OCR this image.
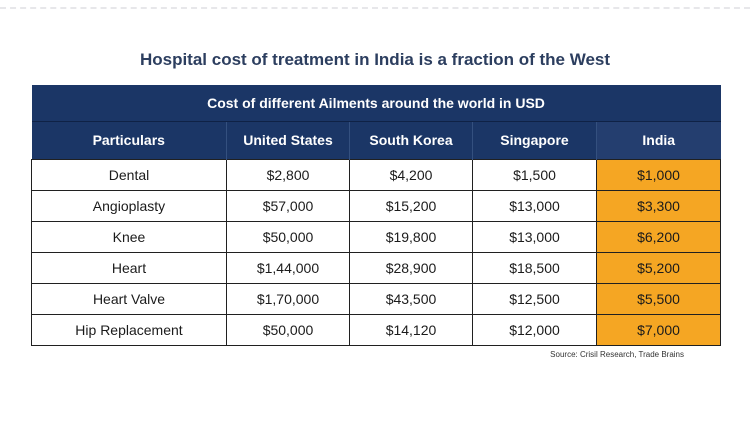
Hospital cost of treatment in India is a fraction of the West
Cost of different Ailments around the world in USD				
Particulars	United States	South Korea	Singapore	India
Dental	$2,800	$4,200	$1,500	$1,000
Angioplasty	$57,000	$15,200	$13,000	$3,300
Knee	$50,000	$19,800	$13,000	$6,200
Heart	$1,44,000	$28,900	$18,500	$5,200
Heart Valve	$1,70,000	$43,500	$12,500	$5,500
Hip Replacement	$50,000	$14,120	$12,000	$7,000
Source: Crisil Research, Trade Brains
